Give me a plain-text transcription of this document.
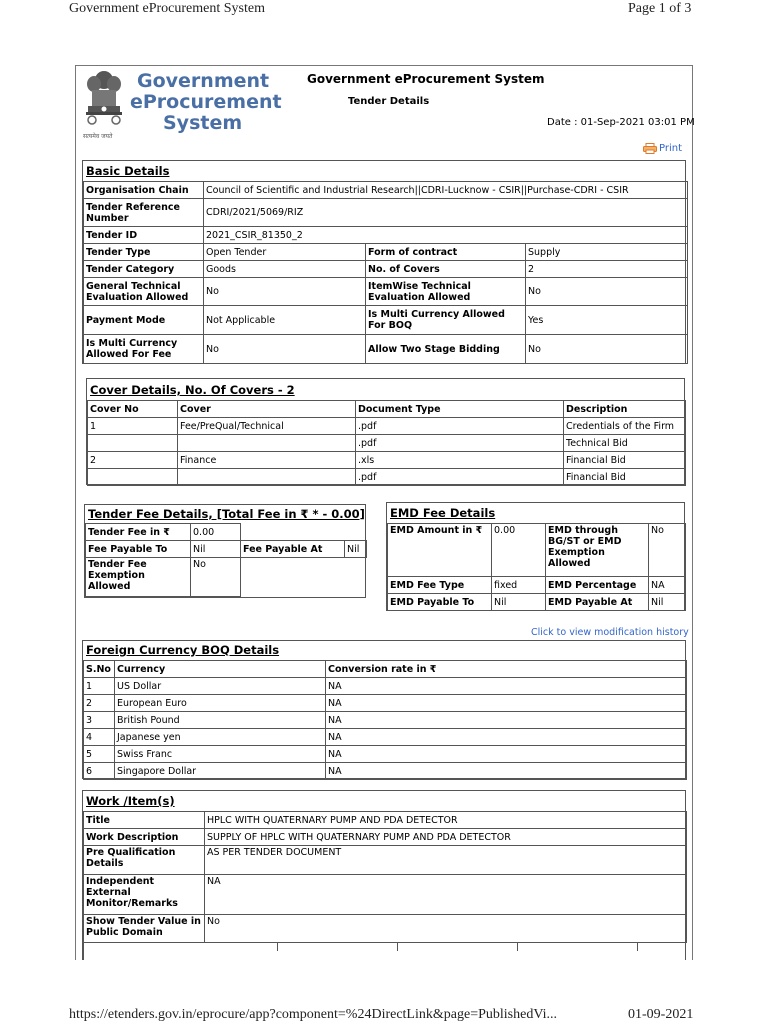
Government eProcurement System	Page 1 of 3
https://etenders.gov.in/eprocure/app?component=%24DirectLink&page=PublishedVi...	01-09-2021
सत्यमेव जयते
Government
eProcurement
System
Government eProcurement System
Tender Details
Date : 01-Sep-2021 03:01 PM
Print
Basic Details
Organisation Chain	Council of Scientific and Industrial Research||CDRI-Lucknow - CSIR||Purchase-CDRI - CSIR		
Tender Reference Number	CDRI/2021/5069/RIZ		
Tender ID	2021_CSIR_81350_2		
Tender Type	Open Tender	Form of contract	Supply
Tender Category	Goods	No. of Covers	2
General Technical Evaluation Allowed	No	ItemWise Technical Evaluation Allowed	No
Payment Mode	Not Applicable	Is Multi Currency Allowed For BOQ	Yes
Is Multi Currency Allowed For Fee	No	Allow Two Stage Bidding	No
Cover Details, No. Of Covers - 2
Cover No	Cover	Document Type	Description
1	Fee/PreQual/Technical	.pdf	Credentials of the Firm
		.pdf	Technical Bid
2	Finance	.xls	Financial Bid
		.pdf	Financial Bid
Tender Fee Details, [Total Fee in ₹ * - 0.00]
Tender Fee in ₹	0.00		
Fee Payable To	Nil	Fee Payable At	Nil
Tender Fee Exemption Allowed	No		
EMD Fee Details
EMD Amount in ₹	0.00	EMD through BG/ST or EMD Exemption Allowed	No
EMD Fee Type	fixed	EMD Percentage	NA
EMD Payable To	Nil	EMD Payable At	Nil
Click to view modification history
Foreign Currency BOQ Details
S.No	Currency	Conversion rate in ₹
1	US Dollar	NA
2	European Euro	NA
3	British Pound	NA
4	Japanese yen	NA
5	Swiss Franc	NA
6	Singapore Dollar	NA
Work /Item(s)
Title	HPLC WITH QUATERNARY PUMP AND PDA DETECTOR
Work Description	SUPPLY OF HPLC WITH QUATERNARY PUMP AND PDA DETECTOR
Pre Qualification Details	AS PER TENDER DOCUMENT
Independent External Monitor/Remarks	NA
Show Tender Value in Public Domain	No
